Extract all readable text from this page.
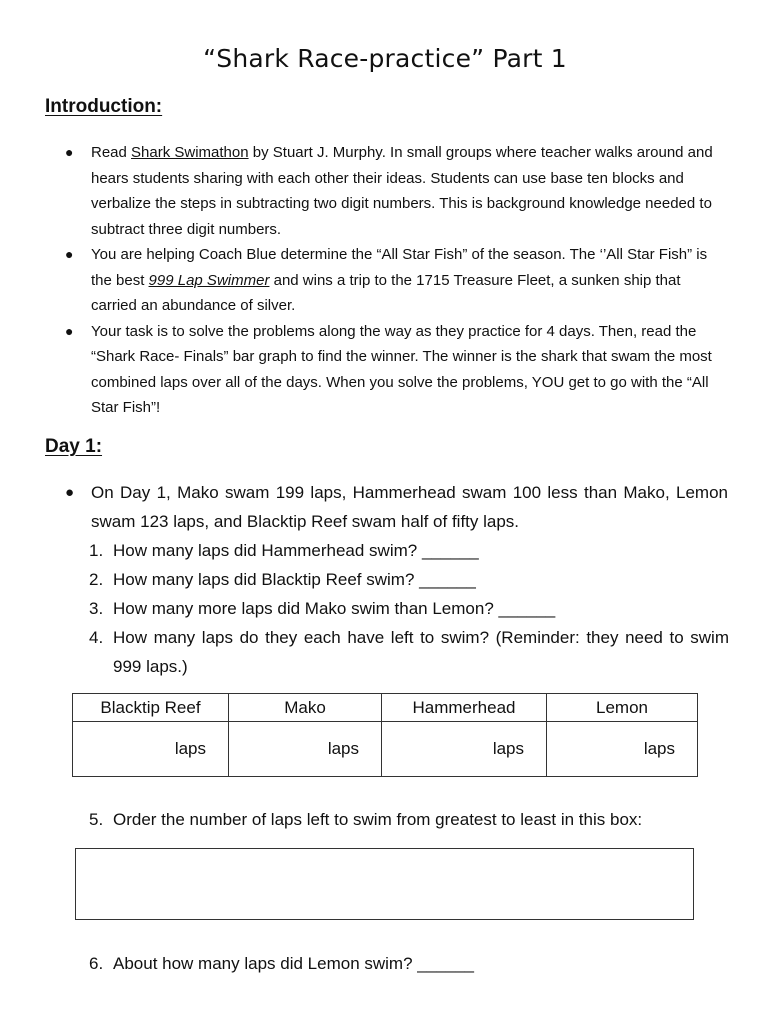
“Shark Race-practice” Part 1
Introduction:
● Read Shark Swimathon by Stuart J. Murphy. In small groups where teacher walks around and hears students sharing with each other their ideas. Students can use base ten blocks and verbalize the steps in subtracting two digit numbers. This is background knowledge needed to subtract three digit numbers.
● You are helping Coach Blue determine the “All Star Fish” of the season. The ‘’All Star Fish” is the best 999 Lap Swimmer and wins a trip to the 1715 Treasure Fleet, a sunken ship that carried an abundance of silver.
● Your task is to solve the problems along the way as they practice for 4 days. Then, read the “Shark Race- Finals” bar graph to find the winner. The winner is the shark that swam the most combined laps over all of the days. When you solve the problems, YOU get to go with the “All Star Fish”!
Day 1:
● On Day 1, Mako swam 199 laps, Hammerhead swam 100 less than Mako, Lemon swam 123 laps, and Blacktip Reef swam half of fifty laps.
1. How many laps did Hammerhead swim? ______
2. How many laps did Blacktip Reef swim? ______
3. How many more laps did Mako swim than Lemon? ______
4. How many laps do they each have left to swim? (Reminder: they need to swim 999 laps.)
Blacktip Reef	Mako	Hammerhead	Lemon
laps	laps	laps	laps
5. Order the number of laps left to swim from greatest to least in this box:
6. About how many laps did Lemon swim? ______
